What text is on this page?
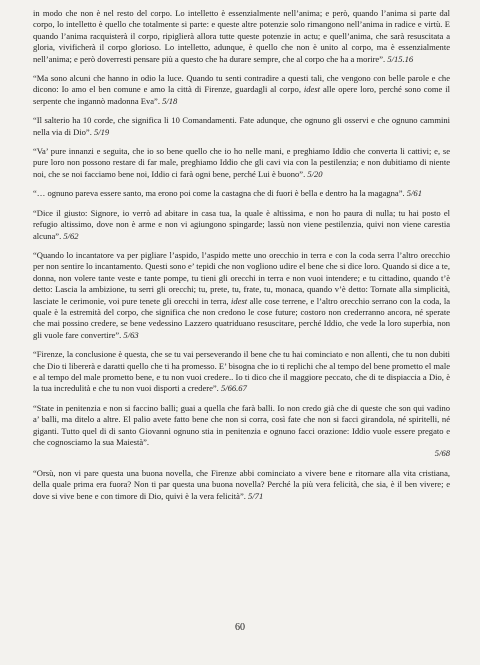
in modo che non è nel resto del corpo. Lo intelletto è essenzialmente nell’anima; e però, quando l’anima si parte dal corpo, lo intelletto è quello che totalmente si parte: e queste altre potenzie solo rimangono nell’anima in radice e virtù. E quando l’anima racquisterà il corpo, ripiglierà allora tutte queste potenzie in actu; e quell’anima, che sarà resuscitata a gloria, vivificherà il corpo glorioso. Lo intelletto, adunque, è quello che non è unito al corpo, ma è essenzialmente nell’anima; e però doverresti pensare più a questo che ha durare sempre, che al corpo che ha a morire”. 5/15.16

“Ma sono alcuni che hanno in odio la luce. Quando tu senti contradire a questi tali, che vengono con belle parole e che dicono: Io amo el ben comune e amo la città di Firenze, guardagli al corpo, idest alle opere loro, perché sono come il serpente che ingannò madonna Eva”. 5/18

“Il salterio ha 10 corde, che significa li 10 Comandamenti. Fate adunque, che ognuno gli osservi e che ognuno cammini nella via di Dio”. 5/19

“Va’ pure innanzi e seguita, che io so bene quello che io ho nelle mani, e preghiamo Iddio che converta li cattivi; e, se pure loro non possono restare di far male, preghiamo Iddio che gli cavi via con la pestilenzia; e non dubitiamo di niente noi, che se noi facciamo bene noi, Iddio ci farà ogni bene, perché Lui è buono”. 5/20

“… ognuno pareva essere santo, ma erono poi come la castagna che di fuori è bella e dentro ha la magagna”. 5/61

“Dice il giusto: Signore, io verrò ad abitare in casa tua, la quale è altissima, e non ho paura di nulla; tu hai posto el refugio altissimo, dove non è arme e non vi agiungono spingarde; lassù non viene pestilenzia, quivi non viene carestia alcuna”. 5/62

“Quando lo incantatore va per pigliare l’aspido, l’aspido mette uno orecchio in terra e con la coda serra l’altro orecchio per non sentire lo incantamento. Questi sono e’ tepidi che non vogliono udire el bene che si dice loro. Quando si dice a te, donna, non volere tante veste e tante pompe, tu tieni gli orecchi in terra e non vuoi intendere; e tu cittadino, quando t’è detto: Lascia la ambizione, tu serri gli orecchi; tu, prete, tu, frate, tu, monaca, quando v’è detto: Tornate alla simplicità, lasciate le cerimonie, voi pure tenete gli orecchi in terra, idest alle cose terrene, e l’altro orecchio serrano con la coda, la quale è la estremità del corpo, che significa che non credono le cose future; costoro non crederranno ancora, né sperate che mai possino credere, se bene vedessino Lazzero quatriduano resuscitare, perché Iddio, che vede la loro superbia, non gli vuole fare convertire”. 5/63

“Firenze, la conclusione è questa, che se tu vai perseverando il bene che tu hai cominciato e non allenti, che tu non dubiti che Dio ti libererà e daratti quello che ti ha promesso. E’ bisogna che io ti replichi che al tempo del bene prometto el male e al tempo del male prometto bene, e tu non vuoi credere.. Io ti dico che il maggiore peccato, che di te dispiaccia a Dio, è la tua incredulità e che tu non vuoi disporti a credere”. 5/66.67

“State in penitenzia e non si faccino balli; guai a quella che farà balli. Io non credo già che di queste che son qui vadino a’ balli, ma ditelo a altre. El palio avete fatto bene che non si corra, così fate che non si facci girandola, né spiritelli, né giganti. Tutto quel di di santo Giovanni ognuno stia in penitenzia e ognuno facci orazione: Iddio vuole essere pregato e che cognosciamo la sua Maiestà”.
5/68

“Orsù, non vi pare questa una buona novella, che Firenze abbi cominciato a vivere bene e ritornare alla vita cristiana, della quale prima era fuora? Non ti par questa una buona novella? Perché la più vera felicità, che sia, è il ben vivere; e dove si vive bene e con timore di Dio, quivi è la vera felicità”. 5/71

60
